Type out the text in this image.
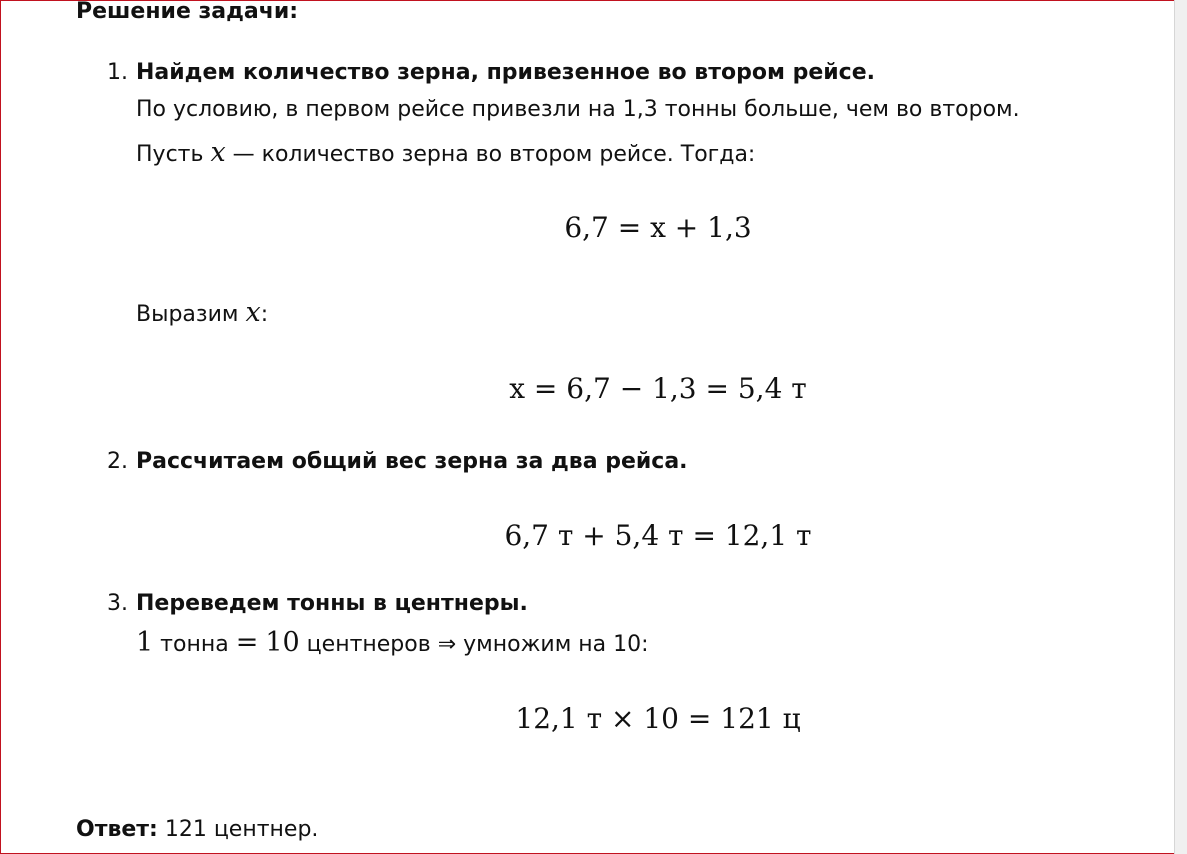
Решение задачи:
1. Найдем количество зерна, привезенное во втором рейсе.
По условию, в первом рейсе привезли на 1,3 тонны больше, чем во втором.
Пусть x — количество зерна во втором рейсе. Тогда:
6,7 = x + 1,3
Выразим x:
x = 6,7 − 1,3 = 5,4 т
2. Рассчитаем общий вес зерна за два рейса.
6,7 т + 5,4 т = 12,1 т
3. Переведем тонны в центнеры.
1 тонна = 10 центнеров ⇒ умножим на 10:
12,1 т × 10 = 121 ц
Ответ: 121 центнер.
